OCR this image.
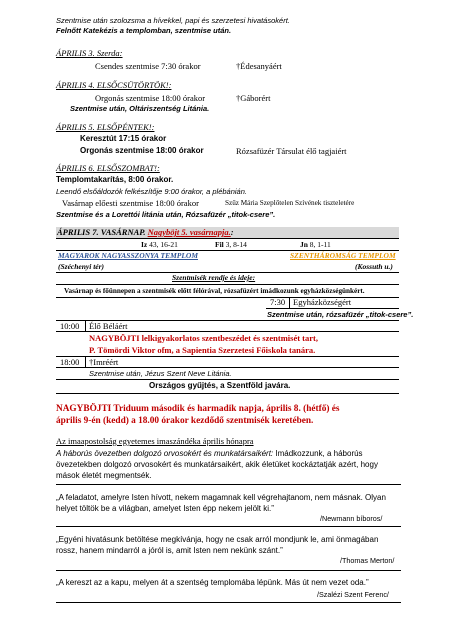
Szentmise után szolozsma a hívekkel, papi és szerzetesi hivatásokért.
Felnőtt Katekézis a templomban, szentmise után.
ÁPRILIS 3. Szerda:
Csendes szentmise 7:30 órakor	†Édesanyáért
ÁPRILIS 4. ELSŐCSÜTÖRTÖK!:
Orgonás szentmise 18:00 órakor	†Gáborért
Szentmise után, Oltáriszentség Litánia.
ÁPRILIS 5. ELSŐPÉNTEK!:
Keresztút 17:15 órakor
Orgonás szentmise 18:00 órakor	Rózsafüzér Társulat élő tagjaiért
ÁPRILIS 6. ELSŐSZOMBAT!:
Templomtakarítás, 8:00 órakor.
Leendő elsőáldozók felkészítője 9:00 órakor, a plébánián.
Vasárnap előesti szentmise 18:00 órakor	Szűz Mária Szeplőtelen Szívének tiszteletére
Szentmise és a Lorettói litánia után, Rózsafüzér „titok-csere”.
ÁPRILIS 7. VASÁRNAP. Nagyböjt 5. vasárnapja.:
Iz 43, 16-21	Fil 3, 8-14	Jn 8, 1-11
MAGYAROK NAGYASSZONYA TEMPLOM	SZENTHÁROMSÁG TEMPLOM
(Széchenyi tér)	(Kossuth u.)
Szentmisék rendje és ideje:
Vasárnap és főünnepen a szentmisék előtt félórával, rózsafüzért imádkozunk egyházközségünkért.
7:30 Egyházközségért
Szentmise után, rózsafüzér „titok-csere”.
10:00 Élő Béláért
NAGYBÖJTI lelkigyakorlatos szentbeszédet és szentmisét tart,
P. Tömördi Viktor ofm, a Sapientia Szerzetesi Főiskola tanára.
18:00 †Imréért
Szentmise után, Jézus Szent Neve Litánia.
Országos gyűjtés, a Szentföld javára.
NAGYBÖJTI Triduum második és harmadik napja, április 8. (hétfő) és
április 9-én (kedd) a 18.00 órakor kezdődő szentmisék keretében.
Az imaapostolság egyetemes imaszándéka április hónapra
A háborús övezetben dolgozó orvosokért és munkatársaikért: Imádkozzunk, a háborús övezetekben dolgozó orvosokért és munkatársaikért, akik életüket kockáztatják azért, hogy mások életét megmentsék.
„A feladatot, amelyre Isten hívott, nekem magamnak kell végrehajtanom, nem másnak. Olyan helyet töltök be a világban, amelyet Isten épp nekem jelölt ki.”
/Newmann bíboros/
„Egyéni hivatásunk betöltése megkívánja, hogy ne csak arról mondjunk le, ami önmagában rossz, hanem mindarról a jóról is, amit Isten nem nekünk szánt.”
/Thomas Merton/
„A kereszt az a kapu, melyen át a szentség templomába lépünk. Más út nem vezet oda.”
/Szalézi Szent Ferenc/
